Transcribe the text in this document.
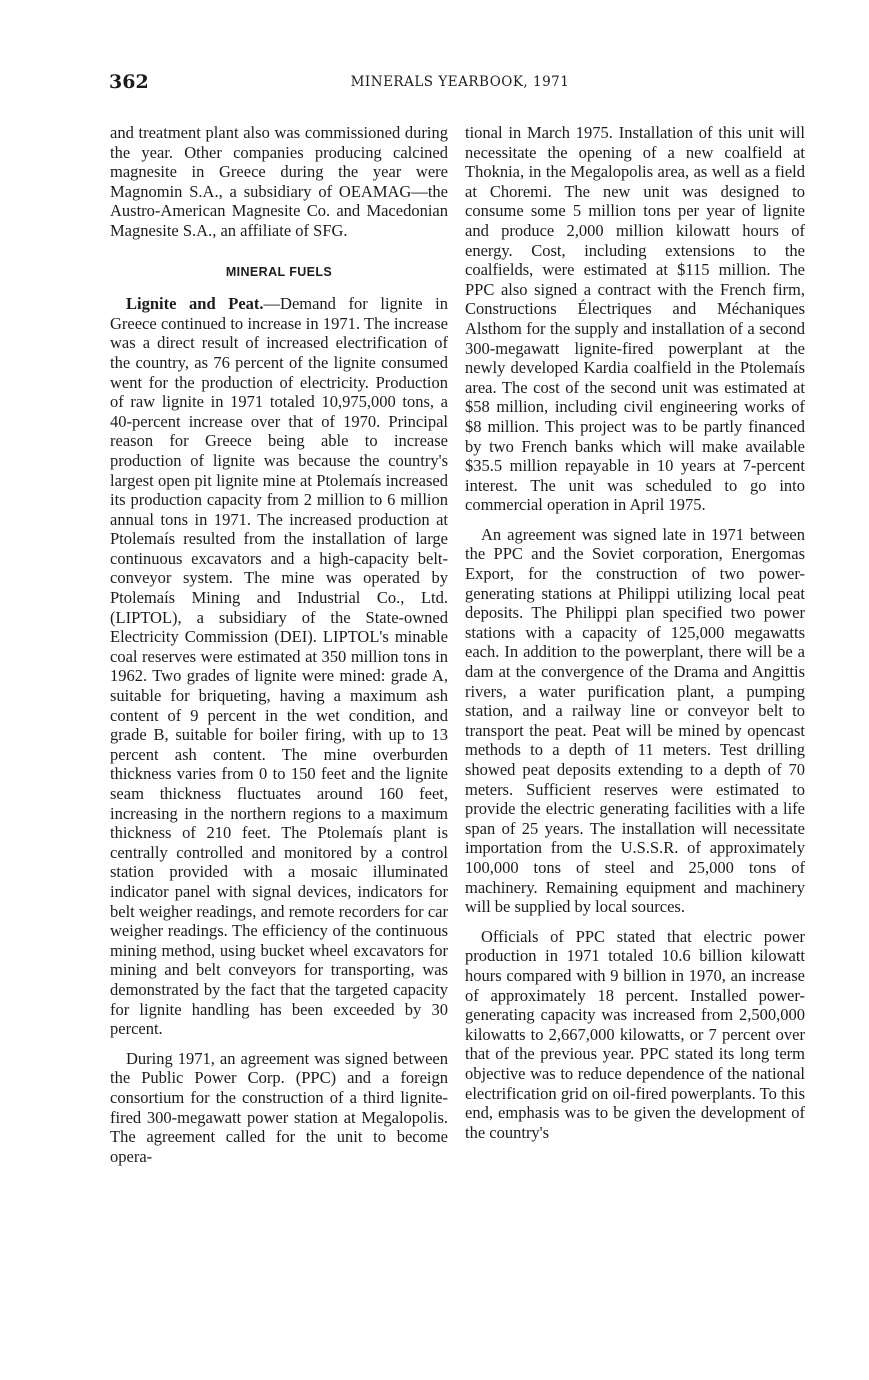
362	MINERALS YEARBOOK, 1971

and treatment plant also was commissioned during the year. Other companies producing calcined magnesite in Greece during the year were Magnomin S.A., a subsidiary of OEAMAG—the Austro-American Magnesite Co. and Macedonian Magnesite S.A., an affiliate of SFG.

MINERAL FUELS

Lignite and Peat.—Demand for lignite in Greece continued to increase in 1971. The increase was a direct result of increased electrification of the country, as 76 percent of the lignite consumed went for the production of electricity. Production of raw lignite in 1971 totaled 10,975,000 tons, a 40-percent increase over that of 1970. Principal reason for Greece being able to increase production of lignite was because the country's largest open pit lignite mine at Ptolemaís increased its production capacity from 2 million to 6 million annual tons in 1971. The increased production at Ptolemaís resulted from the installation of large continuous excavators and a high-capacity belt-conveyor system. The mine was operated by Ptolemaís Mining and Industrial Co., Ltd. (LIPTOL), a subsidiary of the State-owned Electricity Commission (DEI). LIPTOL's minable coal reserves were estimated at 350 million tons in 1962. Two grades of lignite were mined: grade A, suitable for briqueting, having a maximum ash content of 9 percent in the wet condition, and grade B, suitable for boiler firing, with up to 13 percent ash content. The mine overburden thickness varies from 0 to 150 feet and the lignite seam thickness fluctuates around 160 feet, increasing in the northern regions to a maximum thickness of 210 feet. The Ptolemaís plant is centrally controlled and monitored by a control station provided with a mosaic illuminated indicator panel with signal devices, indicators for belt weigher readings, and remote recorders for car weigher readings. The efficiency of the continuous mining method, using bucket wheel excavators for mining and belt conveyors for transporting, was demonstrated by the fact that the targeted capacity for lignite handling has been exceeded by 30 percent.

During 1971, an agreement was signed between the Public Power Corp. (PPC) and a foreign consortium for the construction of a third lignite-fired 300-megawatt power station at Megalopolis. The agreement called for the unit to become opera-

tional in March 1975. Installation of this unit will necessitate the opening of a new coalfield at Thoknia, in the Megalopolis area, as well as a field at Choremi. The new unit was designed to consume some 5 million tons per year of lignite and produce 2,000 million kilowatt hours of energy. Cost, including extensions to the coalfields, were estimated at $115 million. The PPC also signed a contract with the French firm, Constructions Électriques and Méchaniques Alsthom for the supply and installation of a second 300-megawatt lignite-fired powerplant at the newly developed Kardia coalfield in the Ptolemaís area. The cost of the second unit was estimated at $58 million, including civil engineering works of $8 million. This project was to be partly financed by two French banks which will make available $35.5 million repayable in 10 years at 7-percent interest. The unit was scheduled to go into commercial operation in April 1975.

An agreement was signed late in 1971 between the PPC and the Soviet corporation, Energomas Export, for the construction of two power-generating stations at Philippi utilizing local peat deposits. The Philippi plan specified two power stations with a capacity of 125,000 megawatts each. In addition to the powerplant, there will be a dam at the convergence of the Drama and Angittis rivers, a water purification plant, a pumping station, and a railway line or conveyor belt to transport the peat. Peat will be mined by opencast methods to a depth of 11 meters. Test drilling showed peat deposits extending to a depth of 70 meters. Sufficient reserves were estimated to provide the electric generating facilities with a life span of 25 years. The installation will necessitate importation from the U.S.S.R. of approximately 100,000 tons of steel and 25,000 tons of machinery. Remaining equipment and machinery will be supplied by local sources.

Officials of PPC stated that electric power production in 1971 totaled 10.6 billion kilowatt hours compared with 9 billion in 1970, an increase of approximately 18 percent. Installed power-generating capacity was increased from 2,500,000 kilowatts to 2,667,000 kilowatts, or 7 percent over that of the previous year. PPC stated its long term objective was to reduce dependence of the national electrification grid on oil-fired powerplants. To this end, emphasis was to be given the development of the country's
